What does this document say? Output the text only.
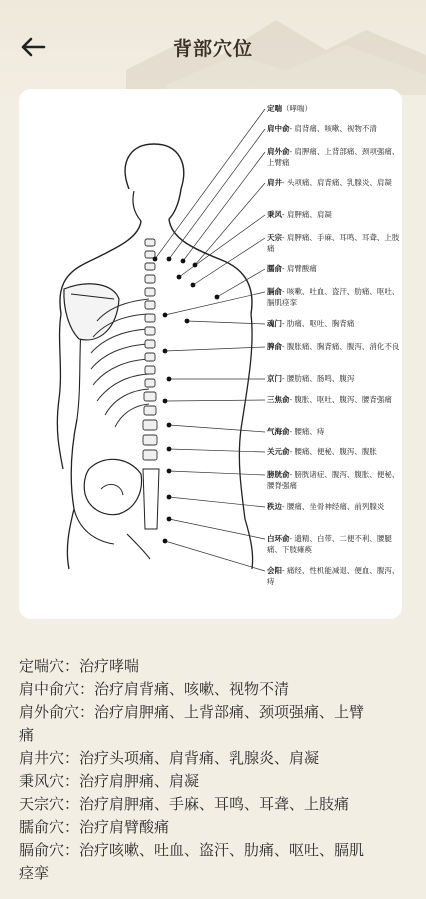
背部穴位
定喘（哮喘）
肩中俞- 肩背痛、咳嗽、视物不清
肩外俞- 肩胛痛、上背部痛、颈项强痛、上臂痛
肩井- 头项痛、肩背痛、乳腺炎、肩凝
秉风- 肩胛痛、肩凝
天宗- 肩胛痛、手麻、耳鸣、耳聋、上肢痛
臑俞- 肩臂酸痛
膈俞- 咳嗽、吐血、盗汗、肋痛、呕吐、膈肌痉挛
魂门- 肋痛、呕吐、胸背痛
脾俞- 腹胀痛、胸背痛、腹泻、消化不良
京门- 腰肋痛、肠鸣、腹泻
三焦俞- 腹胀、呕吐、腹泻、腰背强痛
气海俞- 腰痛、痔
关元俞- 腰痛、便秘、腹泻、腹胀
膀胱俞- 膀胱诸症、腹泻、腹胀、便秘、腰脊强痛
秩边- 腰痛、坐骨神经痛、前列腺炎
白环俞- 遗精、白带、二便不利、腰腿痛、下肢瘫痪
会阳- 痛经、性机能减退、便血、腹泻、痔
定喘穴：治疗哮喘
肩中俞穴：治疗肩背痛、咳嗽、视物不清
肩外俞穴：治疗肩胛痛、上背部痛、颈项强痛、上臂
痛
肩井穴：治疗头项痛、肩背痛、乳腺炎、肩凝
秉风穴：治疗肩胛痛、肩凝
天宗穴：治疗肩胛痛、手麻、耳鸣、耳聋、上肢痛
臑俞穴：治疗肩臂酸痛
膈俞穴：治疗咳嗽、吐血、盗汗、肋痛、呕吐、膈肌
痉挛
